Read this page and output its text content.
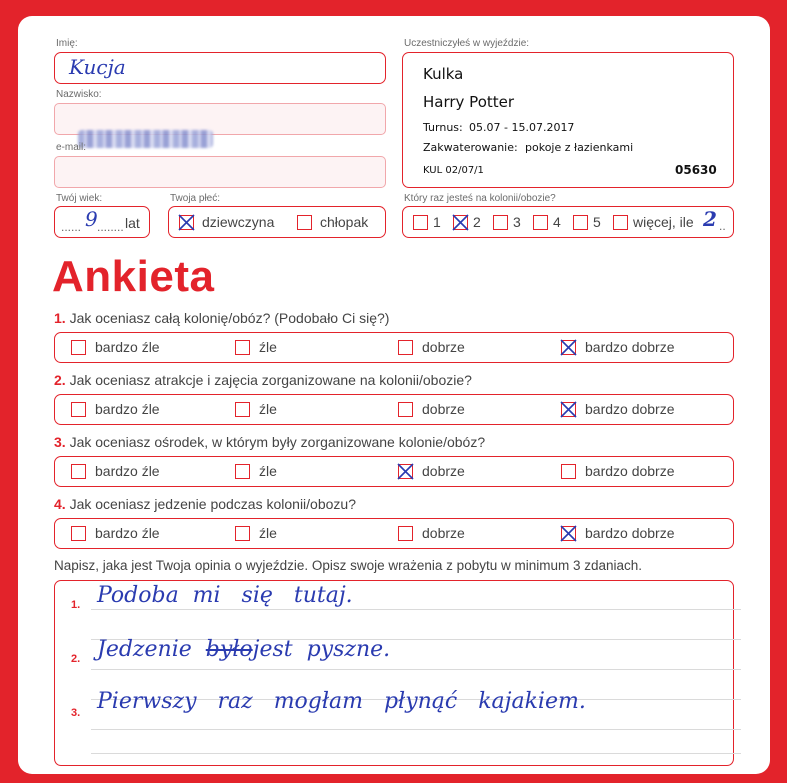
Imię:
Kucja
Nazwisko:
e-mail:
Twój wiek:
...... 9 ........ lat
Twoja płeć:
dziewczyna	chłopak
Uczestniczyłeś w wyjeździe:
Kulka
Harry Potter
Turnus: 05.07 - 15.07.2017
Zakwaterowanie: pokoje z łazienkami
KUL 02/07/1	05630
Który raz jesteś na kolonii/obozie?
1 2 3 4 5 więcej, ile 2 ..
Ankieta
1. Jak oceniasz całą kolonię/obóz? (Podobało Ci się?)
bardzo źle	źle	dobrze	bardzo dobrze
2. Jak oceniasz atrakcje i zajęcia zorganizowane na kolonii/obozie?
bardzo źle	źle	dobrze	bardzo dobrze
3. Jak oceniasz ośrodek, w którym były zorganizowane kolonie/obóz?
bardzo źle	źle	dobrze	bardzo dobrze
4. Jak oceniasz jedzenie podczas kolonii/obozu?
bardzo źle	źle	dobrze	bardzo dobrze
Napisz, jaka jest Twoja opinia o wyjeździe. Opisz swoje wrażenia z pobytu w minimum 3 zdaniach.
1. Podoba  mi   się   tutaj.
2. Jedzenie  byłojest  pyszne.
3. Pierwszy   raz   mogłam   płynąć   kajakiem.
